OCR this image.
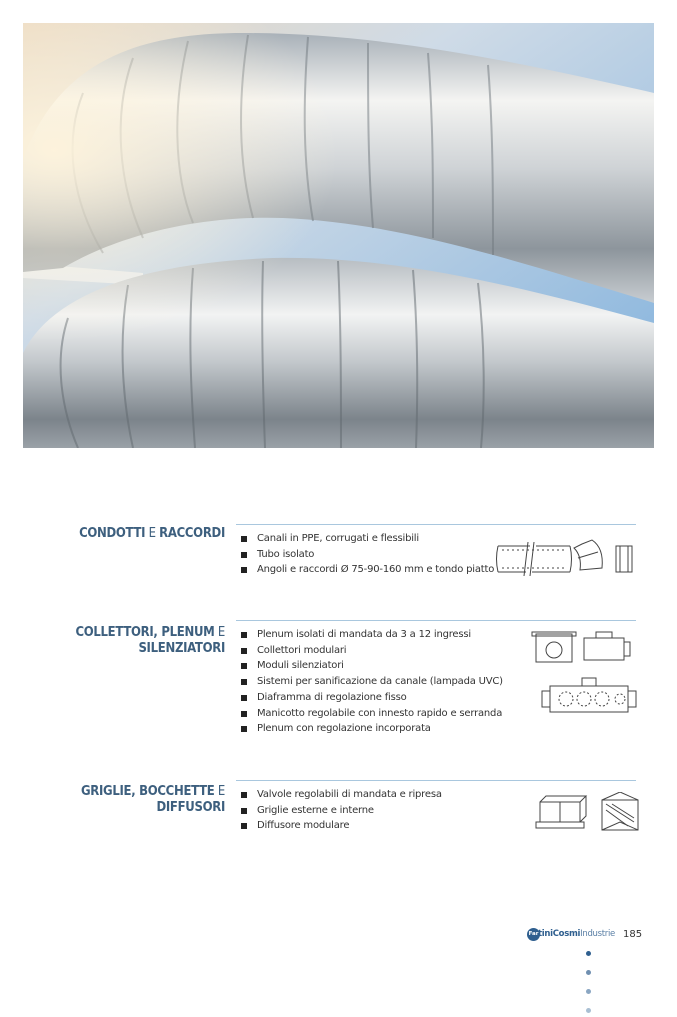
CONDOTTI E RACCORDI	Canali in PPE, corrugati e flessibili
Tubo isolato
Angoli e raccordi Ø 75-90-160 mm e tondo piatto
COLLETTORI, PLENUM E
SILENZIATORI
Plenum isolati di mandata da 3 a 12 ingressi
Collettori modulari
Moduli silenziatori
Sistemi per sanificazione da canale (lampada UVC)
Diaframma di regolazione fisso
Manicotto regolabile con innesto rapido e serranda
Plenum con regolazione incorporata
GRIGLIE, BOCCHETTE E
DIFFUSORI
Valvole regolabili di mandata e ripresa
Griglie esterne e interne
Diffusore modulare
Far tiniCosmiIndustrie 185
